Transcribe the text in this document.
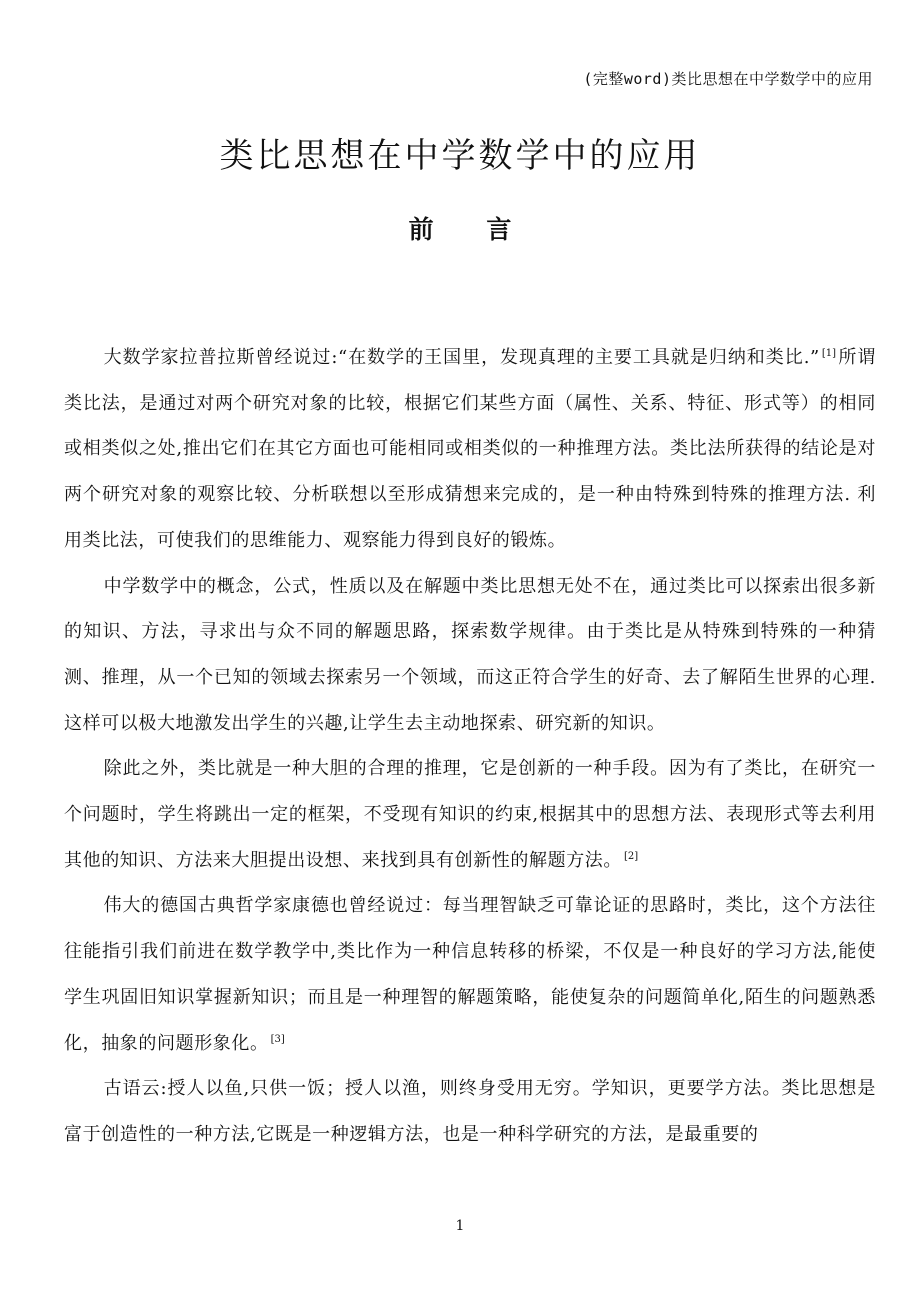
(完整word)类比思想在中学数学中的应用
类比思想在中学数学中的应用
前 言

大数学家拉普拉斯曾经说过:“在数学的王国里，发现真理的主要工具就是归纳和类比.” [1] 所谓类比法，是通过对两个研究对象的比较，根据它们某些方面（属性、关系、特征、形式等）的相同或相类似之处,推出它们在其它方面也可能相同或相类似的一种推理方法。类比法所获得的结论是对两个研究对象的观察比较、分析联想以至形成猜想来完成的，是一种由特殊到特殊的推理方法. 利用类比法，可使我们的思维能力、观察能力得到良好的锻炼。

中学数学中的概念，公式，性质以及在解题中类比思想无处不在，通过类比可以探索出很多新的知识、方法，寻求出与众不同的解题思路，探索数学规律。由于类比是从特殊到特殊的一种猜测、推理，从一个已知的领域去探索另一个领域，而这正符合学生的好奇、去了解陌生世界的心理.这样可以极大地激发出学生的兴趣,让学生去主动地探索、研究新的知识。

除此之外，类比就是一种大胆的合理的推理，它是创新的一种手段。因为有了类比，在研究一个问题时，学生将跳出一定的框架，不受现有知识的约束,根据其中的思想方法、表现形式等去利用其他的知识、方法来大胆提出设想、来找到具有创新性的解题方法。 [2]

伟大的德国古典哲学家康德也曾经说过：每当理智缺乏可靠论证的思路时，类比，这个方法往往能指引我们前进在数学教学中,类比作为一种信息转移的桥梁，不仅是一种良好的学习方法,能使学生巩固旧知识掌握新知识；而且是一种理智的解题策略，能使复杂的问题简单化,陌生的问题熟悉化，抽象的问题形象化。 [3]

古语云:授人以鱼,只供一饭；授人以渔，则终身受用无穷。学知识，更要学方法。类比思想是富于创造性的一种方法,它既是一种逻辑方法，也是一种科学研究的方法，是最重要的

1
